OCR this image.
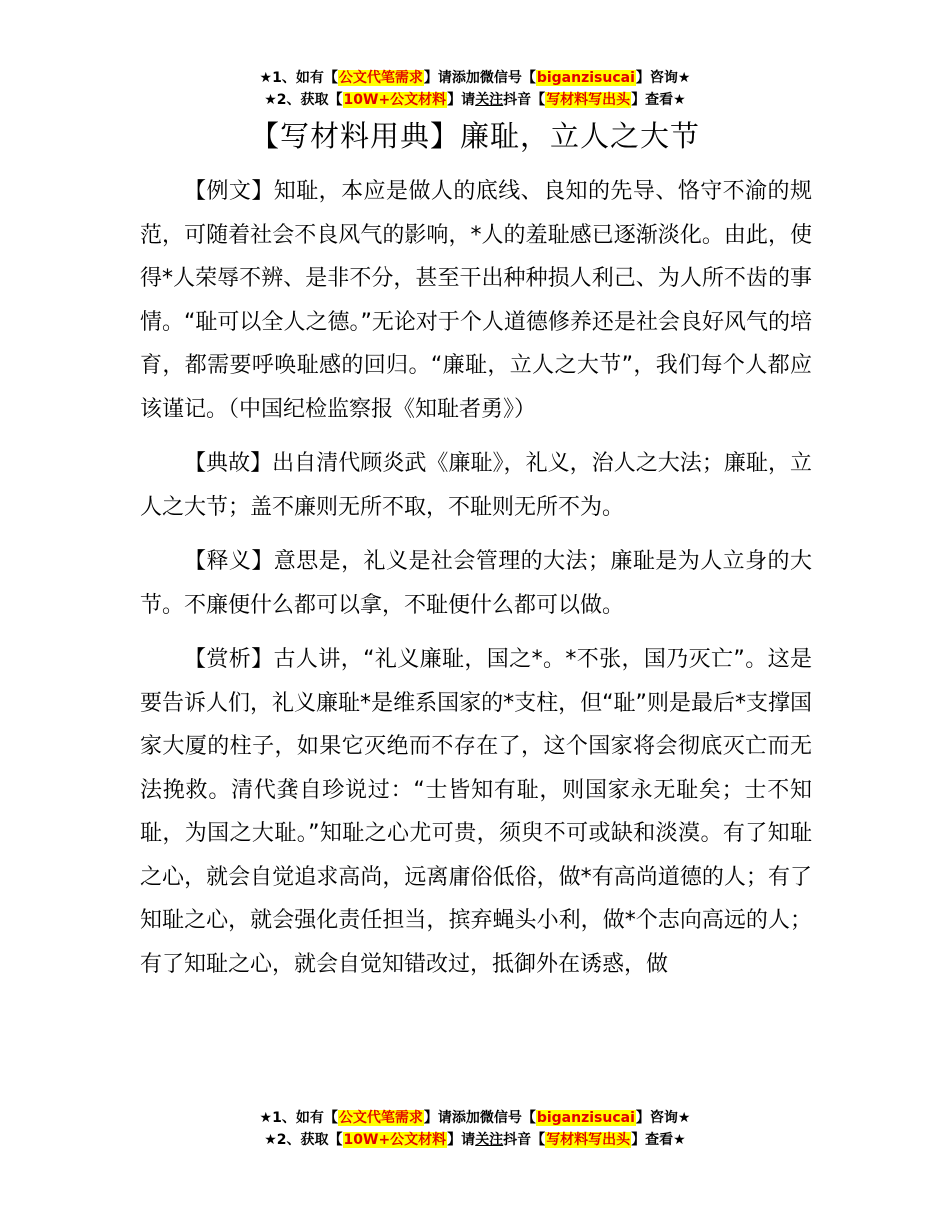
★1、如有【公文代笔需求】请添加微信号【biganzisucai】咨询★
★2、获取【10W+公文材料】请关注抖音【写材料写出头】查看★
【写材料用典】廉耻，立人之大节

【例文】知耻，本应是做人的底线、良知的先导、恪守不渝的规范，可随着社会不良风气的影响，*人的羞耻感已逐渐淡化。由此，使得*人荣辱不辨、是非不分，甚至干出种种损人利己、为人所不齿的事情。“耻可以全人之德。”无论对于个人道德修养还是社会良好风气的培育，都需要呼唤耻感的回归。“廉耻，立人之大节”，我们每个人都应该谨记。（中国纪检监察报《知耻者勇》）

【典故】出自清代顾炎武《廉耻》，礼义，治人之大法；廉耻，立人之大节；盖不廉则无所不取，不耻则无所不为。

【释义】意思是，礼义是社会管理的大法；廉耻是为人立身的大节。不廉便什么都可以拿，不耻便什么都可以做。

【赏析】古人讲，“礼义廉耻，国之*。*不张，国乃灭亡”。这是要告诉人们，礼义廉耻*是维系国家的*支柱，但“耻”则是最后*支撑国家大厦的柱子，如果它灭绝而不存在了，这个国家将会彻底灭亡而无法挽救。清代龚自珍说过：“士皆知有耻，则国家永无耻矣；士不知耻，为国之大耻。”知耻之心尤可贵，须臾不可或缺和淡漠。有了知耻之心，就会自觉追求高尚，远离庸俗低俗，做*有高尚道德的人；有了知耻之心，就会强化责任担当，摈弃蝇头小利，做*个志向高远的人；有了知耻之心，就会自觉知错改过，抵御外在诱惑，做

★1、如有【公文代笔需求】请添加微信号【biganzisucai】咨询★
★2、获取【10W+公文材料】请关注抖音【写材料写出头】查看★
